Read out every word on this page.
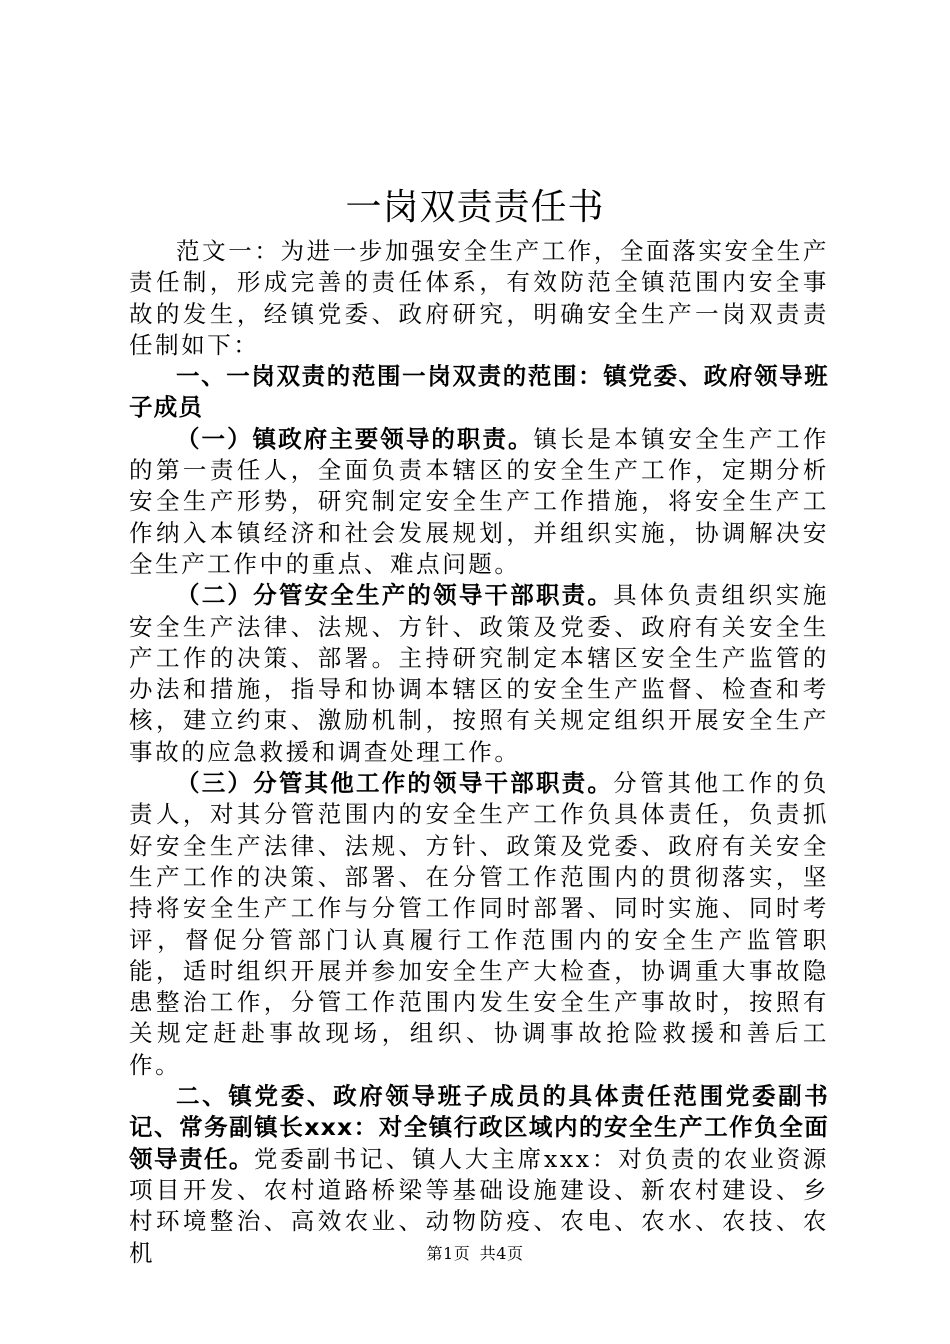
一岗双责责任书

范文一：为进一步加强安全生产工作，全面落实安全生产责任制，形成完善的责任体系，有效防范全镇范围内安全事故的发生，经镇党委、政府研究，明确安全生产一岗双责责任制如下：

一、一岗双责的范围一岗双责的范围：镇党委、政府领导班子成员

（一）镇政府主要领导的职责。镇长是本镇安全生产工作的第一责任人，全面负责本辖区的安全生产工作，定期分析安全生产形势，研究制定安全生产工作措施，将安全生产工作纳入本镇经济和社会发展规划，并组织实施，协调解决安全生产工作中的重点、难点问题。

（二）分管安全生产的领导干部职责。具体负责组织实施安全生产法律、法规、方针、政策及党委、政府有关安全生产工作的决策、部署。主持研究制定本辖区安全生产监管的办法和措施，指导和协调本辖区的安全生产监督、检查和考核，建立约束、激励机制，按照有关规定组织开展安全生产事故的应急救援和调查处理工作。

（三）分管其他工作的领导干部职责。分管其他工作的负责人，对其分管范围内的安全生产工作负具体责任，负责抓好安全生产法律、法规、方针、政策及党委、政府有关安全生产工作的决策、部署、在分管工作范围内的贯彻落实，坚持将安全生产工作与分管工作同时部署、同时实施、同时考评，督促分管部门认真履行工作范围内的安全生产监管职能，适时组织开展并参加安全生产大检查，协调重大事故隐患整治工作，分管工作范围内发生安全生产事故时，按照有关规定赶赴事故现场，组织、协调事故抢险救援和善后工作。

二、镇党委、政府领导班子成员的具体责任范围党委副书记、常务副镇长xxx：对全镇行政区域内的安全生产工作负全面领导责任。党委副书记、镇人大主席xxx：对负责的农业资源项目开发、农村道路桥梁等基础设施建设、新农村建设、乡村环境整治、高效农业、动物防疫、农电、农水、农技、农机	第1页 共4页
